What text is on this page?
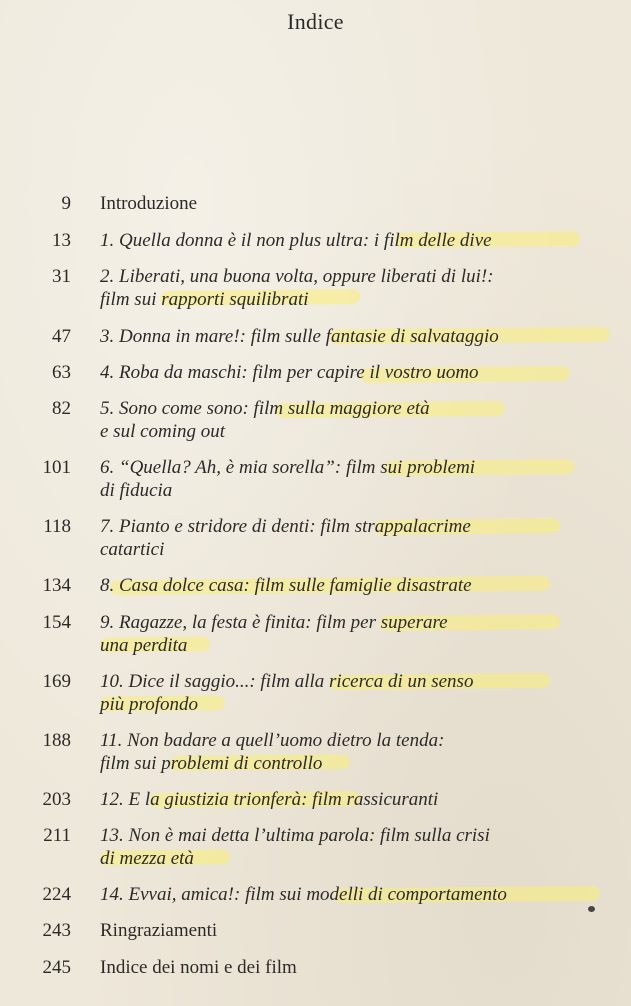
Indice
9 Introduzione
13 1. Quella donna è il non plus ultra: i film delle dive
31 2. Liberati, una buona volta, oppure liberati di lui!:
film sui rapporti squilibrati
47 3. Donna in mare!: film sulle fantasie di salvataggio
63 4. Roba da maschi: film per capire il vostro uomo
82 5. Sono come sono: film sulla maggiore età
e sul coming out
101 6. “Quella? Ah, è mia sorella”: film sui problemi
di fiducia
118 7. Pianto e stridore di denti: film strappalacrime
catartici
134 8. Casa dolce casa: film sulle famiglie disastrate
154 9. Ragazze, la festa è finita: film per superare
una perdita
169 10. Dice il saggio...: film alla ricerca di un senso
più profondo
188 11. Non badare a quell’uomo dietro la tenda:
film sui problemi di controllo
203 12. E la giustizia trionferà: film rassicuranti
211 13. Non è mai detta l’ultima parola: film sulla crisi
di mezza età
224 14. Evvai, amica!: film sui modelli di comportamento
243 Ringraziamenti
245 Indice dei nomi e dei film
